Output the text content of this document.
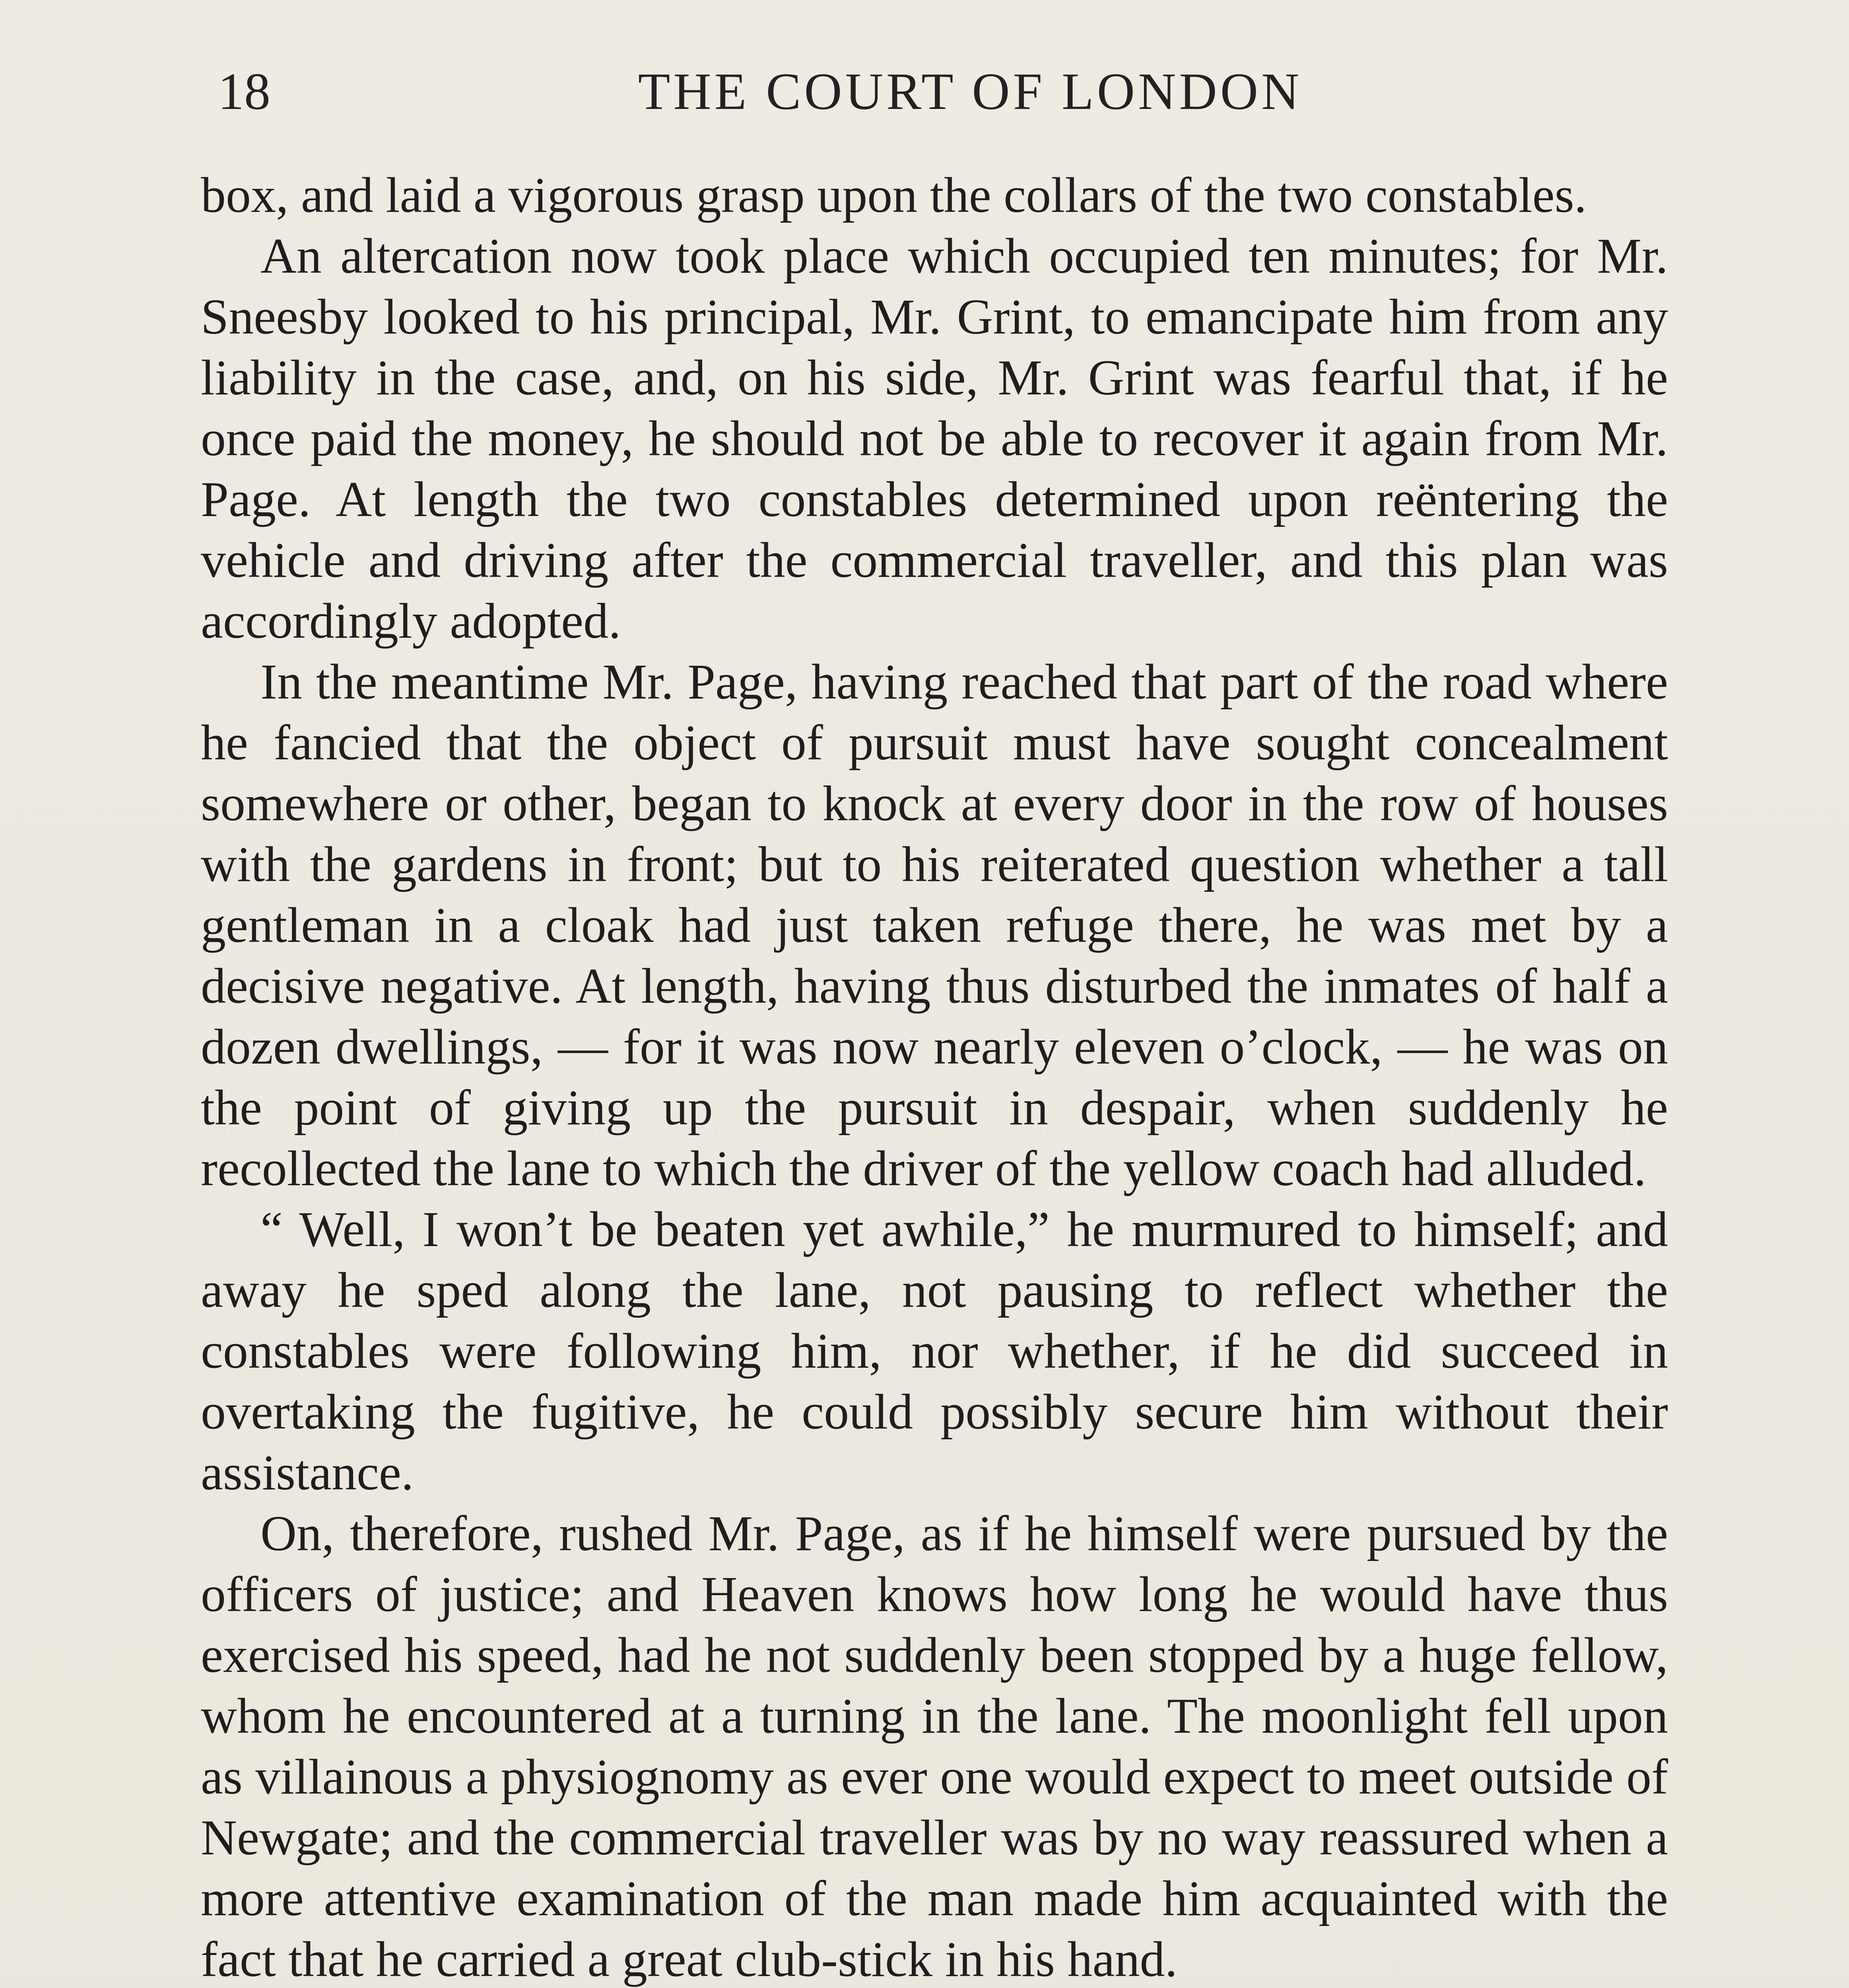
18	THE COURT OF LONDON

box, and laid a vigorous grasp upon the collars of the two constables.

An altercation now took place which occupied ten minutes; for Mr. Sneesby looked to his principal, Mr. Grint, to emancipate him from any liability in the case, and, on his side, Mr. Grint was fearful that, if he once paid the money, he should not be able to recover it again from Mr. Page. At length the two constables determined upon reëntering the vehicle and driving after the commercial traveller, and this plan was accordingly adopted.

In the meantime Mr. Page, having reached that part of the road where he fancied that the object of pursuit must have sought concealment somewhere or other, began to knock at every door in the row of houses with the gardens in front; but to his reiterated question whether a tall gentleman in a cloak had just taken refuge there, he was met by a decisive negative. At length, having thus disturbed the inmates of half a dozen dwellings, — for it was now nearly eleven o’clock, — he was on the point of giving up the pursuit in despair, when suddenly he recollected the lane to which the driver of the yellow coach had alluded.

“ Well, I won’t be beaten yet awhile,” he murmured to himself; and away he sped along the lane, not pausing to reflect whether the constables were following him, nor whether, if he did succeed in overtaking the fugitive, he could possibly secure him without their assistance.

On, therefore, rushed Mr. Page, as if he himself were pursued by the officers of justice; and Heaven knows how long he would have thus exercised his speed, had he not suddenly been stopped by a huge fellow, whom he encountered at a turning in the lane. The moonlight fell upon as villainous a physiognomy as ever one would expect to meet outside of Newgate; and the commercial traveller was by no way reassured when a more attentive examination of the man made him acquainted with the fact that he carried a great club-stick in his hand.
